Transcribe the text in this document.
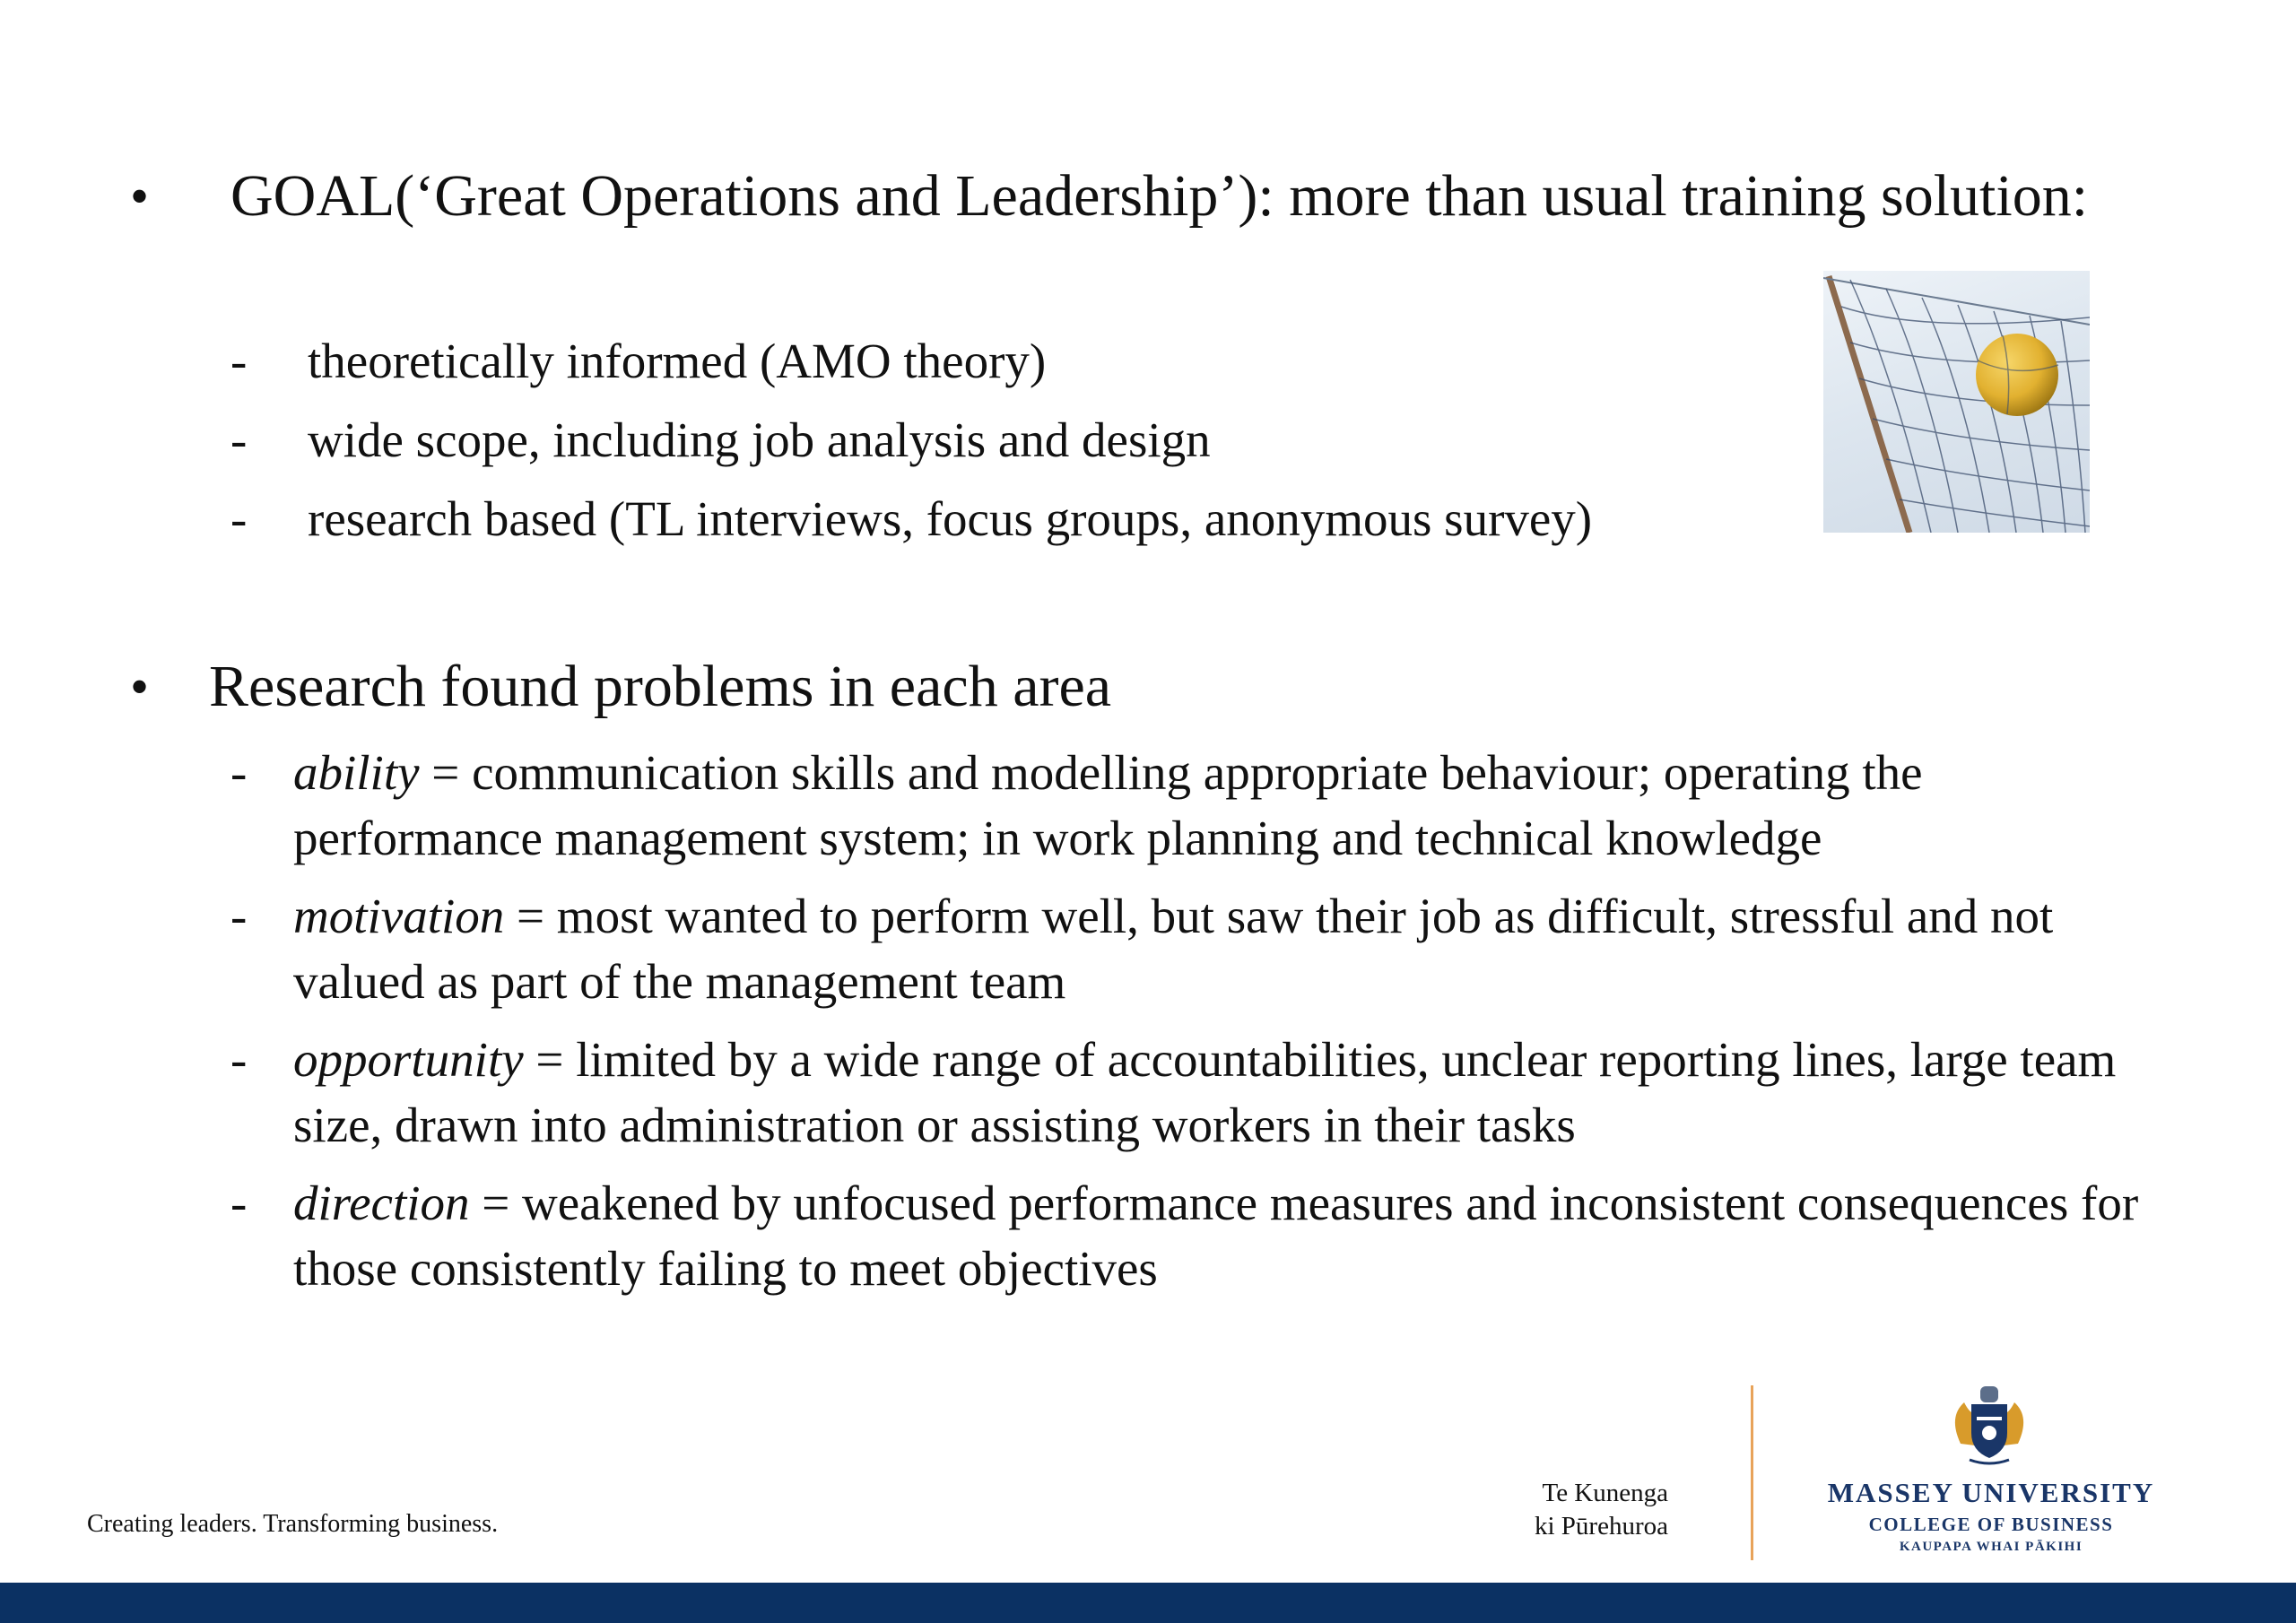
• GOAL(‘Great Operations and Leadership’): more than usual training solution:
- theoretically informed (AMO theory)
- wide scope, including job analysis and design
- research based (TL interviews, focus groups, anonymous survey)
• Research found problems in each area
- ability = communication skills and modelling appropriate behaviour; operating the performance management system; in work planning and technical knowledge
- motivation = most wanted to perform well, but saw their job as difficult, stressful and not valued as part of the management team
- opportunity = limited by a wide range of accountabilities, unclear reporting lines, large team size, drawn into administration or assisting workers in their tasks
- direction = weakened by unfocused performance measures and inconsistent consequences for those consistently failing to meet objectives
Creating leaders. Transforming business.
Te Kunenga
ki Pūrehuroa
MASSEY UNIVERSITY
COLLEGE OF BUSINESS
KAUPAPA WHAI PĀKIHI
